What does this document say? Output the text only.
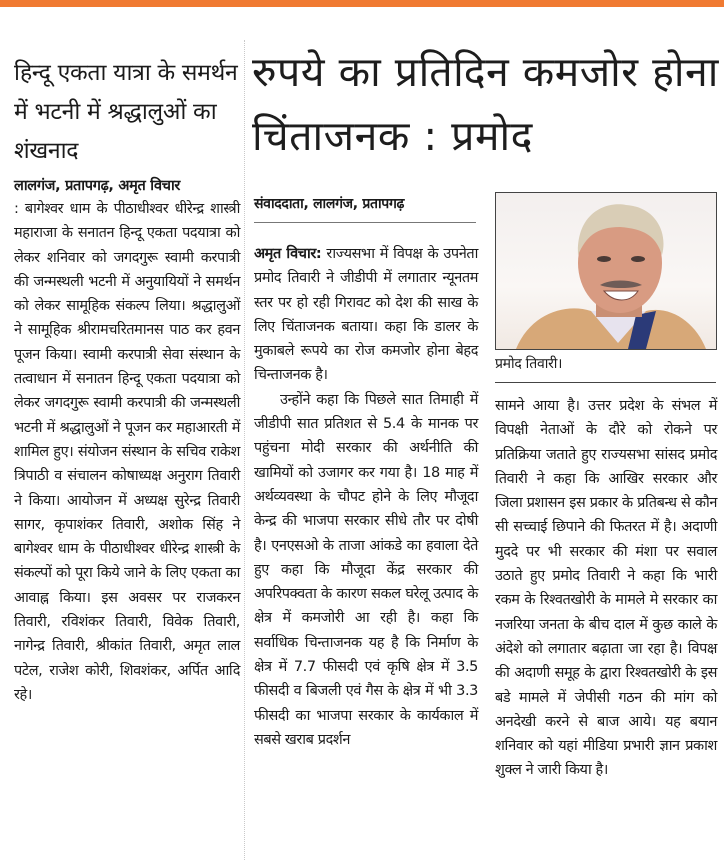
हिन्दू एकता यात्रा के समर्थन में भटनी में श्रद्धालुओं का शंखनाद
लालगंज, प्रतापगढ़, अमृत विचार
: बागेश्वर धाम के पीठाधीश्वर धीरेन्द्र शास्त्री महाराजा के सनातन हिन्दू एकता पदयात्रा को लेकर शनिवार को जगदगुरू स्वामी करपात्री की जन्मस्थली भटनी में अनुयायियों ने समर्थन को लेकर सामूहिक संकल्प लिया। श्रद्धालुओं ने सामूहिक श्रीरामचरितमानस पाठ कर हवन पूजन किया। स्वामी करपात्री सेवा संस्थान के तत्वाधान में सनातन हिन्दू एकता पदयात्रा को लेकर जगदगुरू स्वामी करपात्री की जन्मस्थली भटनी में श्रद्धालुओं ने पूजन कर महाआरती में शामिल हुए। संयोजन संस्थान के सचिव राकेश त्रिपाठी व संचालन कोषाध्यक्ष अनुराग तिवारी ने किया। आयोजन में अध्यक्ष सुरेन्द्र तिवारी सागर, कृपाशंकर तिवारी, अशोक सिंह ने बागेश्वर धाम के पीठाधीश्वर धीरेन्द्र शास्त्री के संकल्पों को पूरा किये जाने के लिए एकता का आवाह्न किया। इस अवसर पर राजकरन तिवारी, रविशंकर तिवारी, विवेक तिवारी, नागेन्द्र तिवारी, श्रीकांत तिवारी, अमृत लाल पटेल, राजेश कोरी, शिवशंकर, अर्पित आदि रहे।
रुपये का प्रतिदिन कमजोर होना चिंताजनक : प्रमोद
संवाददाता, लालगंज, प्रतापगढ़

अमृत विचार: राज्यसभा में विपक्ष के उपनेता प्रमोद तिवारी ने जीडीपी में लगातार न्यूनतम स्तर पर हो रही गिरावट को देश की साख के लिए चिंताजनक बताया। कहा कि डालर के मुकाबले रूपये का रोज कमजोर होना बेहद चिन्ताजनक है।

उन्होंने कहा कि पिछले सात तिमाही में जीडीपी सात प्रतिशत से 5.4 के मानक पर पहुंचना मोदी सरकार की अर्थनीति की खामियों को उजागर कर गया है। 18 माह में अर्थव्यवस्था के चौपट होने के लिए मौजूदा केन्द्र की भाजपा सरकार सीधे तौर पर दोषी है। एनएसओ के ताजा आंकडे का हवाला देते हुए कहा कि मौजूदा केंद्र सरकार की अपरिपक्वता के कारण सकल घरेलू उत्पाद के क्षेत्र में कमजोरी आ रही है। कहा कि सर्वाधिक चिन्ताजनक यह है कि निर्माण के क्षेत्र में 7.7 फीसदी एवं कृषि क्षेत्र में 3.5 फीसदी व बिजली एवं गैस के क्षेत्र में भी 3.3 फीसदी का भाजपा सरकार के कार्यकाल में सबसे खराब प्रदर्शन

प्रमोद तिवारी।
सामने आया है। उत्तर प्रदेश के संभल में विपक्षी नेताओं के दौरे को रोकने पर प्रतिक्रिया जताते हुए राज्यसभा सांसद प्रमोद तिवारी ने कहा कि आखिर सरकार और जिला प्रशासन इस प्रकार के प्रतिबन्ध से कौन सी सच्चाई छिपाने की फितरत में है। अदाणी मुददे पर भी सरकार की मंशा पर सवाल उठाते हुए प्रमोद तिवारी ने कहा कि भारी रकम के रिश्वतखोरी के मामले मे सरकार का नजरिया जनता के बीच दाल में कुछ काले के अंदेशे को लगातार बढ़ाता जा रहा है। विपक्ष की अदाणी समूह के द्वारा रिश्वतखोरी के इस बडे मामले में जेपीसी गठन की मांग को अनदेखी करने से बाज आये। यह बयान शनिवार को यहां मीडिया प्रभारी ज्ञान प्रकाश शुक्ल ने जारी किया है।
